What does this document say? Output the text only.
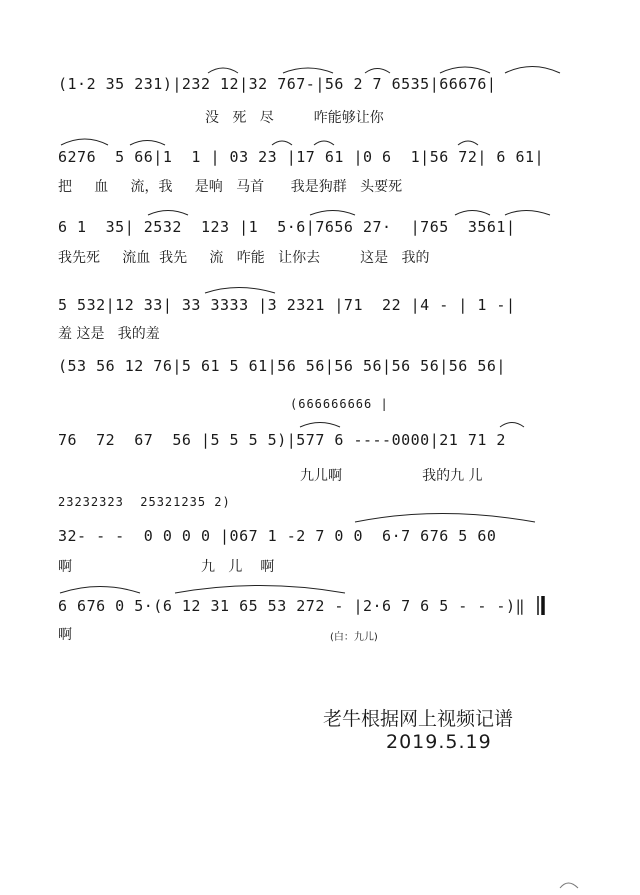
(1·2 35 231)|232 12|32 767-|56 2 7 6535|66676|
没   死   尽         咋能够让你
6276  5 66|1  1 | 03 23 |17 61 |0 6  1|56 72| 6 61|
把     血     流，我     是响   马首      我是狗群   头要死
6 1  35| 2532  123 |1  5·6|7656 27·  |765  3561|
我先死     流血  我先     流   咋能   让你去         这是   我的
5 532|12 33| 33 3333 |3 2321 |71  22 |4 - | 1 -|
羞 这是   我的羞
(53 56 12 76|5 61 5 61|56 56|56 56|56 56|56 56|
(666666666 |
76  72  67  56 |5 5 5 5)|577 6 ----0000|21 71 2
九儿啊                  我的九 儿
23232323  25321235 2)
32- - -  0 0 0 0 |067 1 -2 7 0 0  6·7 676 5 60
啊                             九   儿    啊
6 676 0 5·(6 12 31 65 53 272 - |2·6 7 6 5 - - -)‖
啊	(白：九儿)
老牛根据网上视频记谱
2019.5.19
